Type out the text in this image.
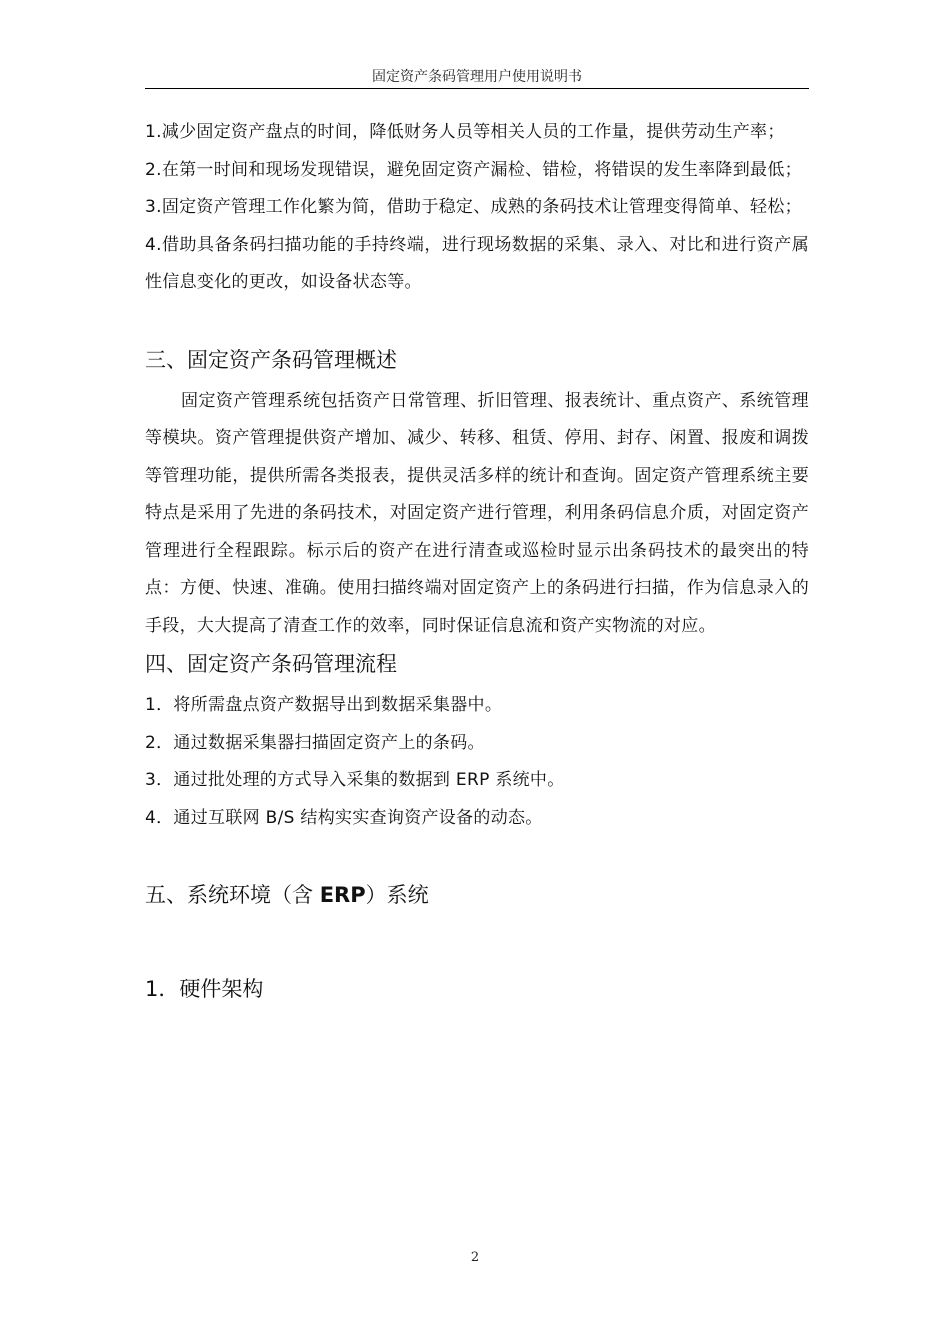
固定资产条码管理用户使用说明书

1.减少固定资产盘点的时间，降低财务人员等相关人员的工作量，提供劳动生产率；

2.在第一时间和现场发现错误，避免固定资产漏检、错检，将错误的发生率降到最低；

3.固定资产管理工作化繁为简，借助于稳定、成熟的条码技术让管理变得简单、轻松；

4.借助具备条码扫描功能的手持终端，进行现场数据的采集、录入、对比和进行资产属性信息变化的更改，如设备状态等。

三、固定资产条码管理概述

固定资产管理系统包括资产日常管理、折旧管理、报表统计、重点资产、系统管理等模块。资产管理提供资产增加、减少、转移、租赁、停用、封存、闲置、报废和调拨等管理功能，提供所需各类报表，提供灵活多样的统计和查询。固定资产管理系统主要特点是采用了先进的条码技术，对固定资产进行管理，利用条码信息介质，对固定资产管理进行全程跟踪。标示后的资产在进行清查或巡检时显示出条码技术的最突出的特点：方便、快速、准确。使用扫描终端对固定资产上的条码进行扫描，作为信息录入的手段，大大提高了清查工作的效率，同时保证信息流和资产实物流的对应。

四、固定资产条码管理流程

1．将所需盘点资产数据导出到数据采集器中。

2．通过数据采集器扫描固定资产上的条码。

3．通过批处理的方式导入采集的数据到 ERP 系统中。

4．通过互联网 B/S 结构实实查询资产设备的动态。

五、系统环境（含 ERP）系统
1．硬件架构
2
